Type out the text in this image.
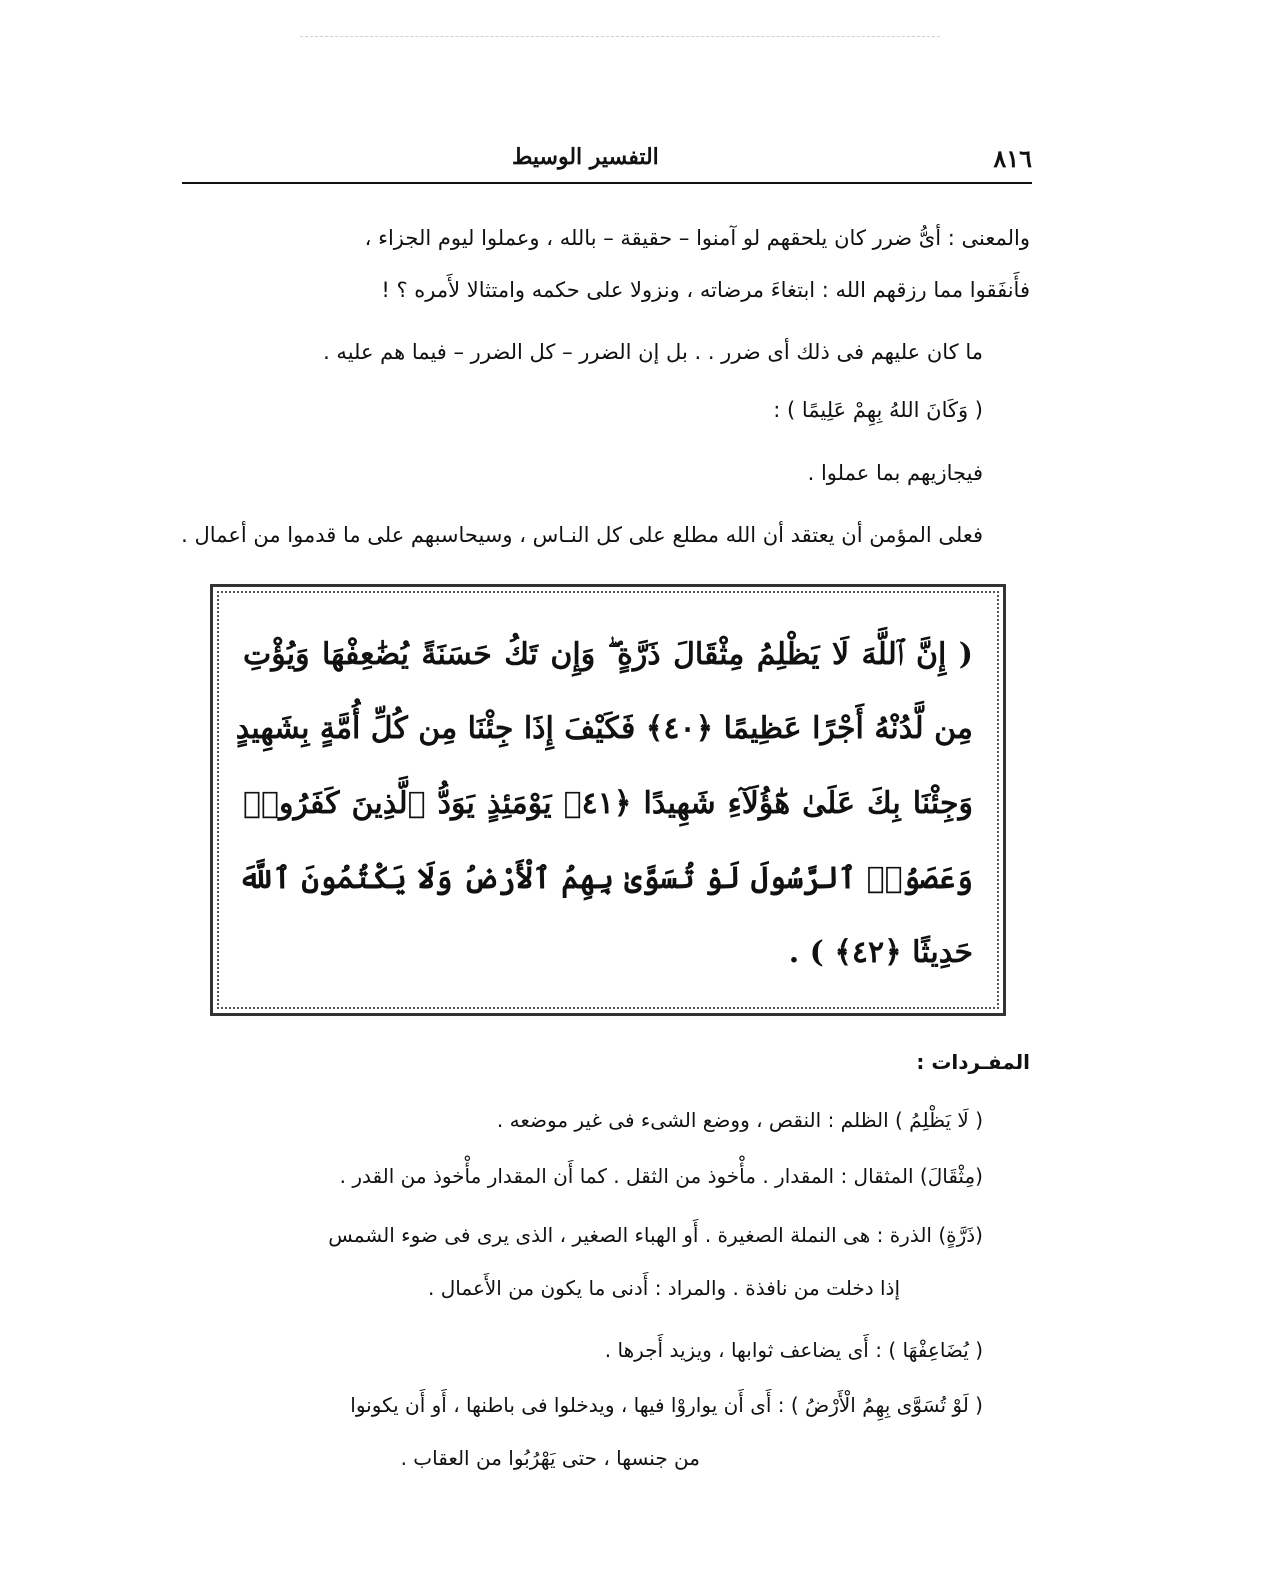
٨١٦
التفسير الوسيط
والمعنى : أىُّ ضرر كان يلحقهم لو آمنوا – حقيقة – بالله ، وعملوا ليوم الجزاء ،
فأَنفَقوا مما رزقهم الله : ابتغاءَ مرضاته ، ونزولا على حكمه وامتثالا لأَمره ؟ !
ما كان عليهم فى ذلك أى ضرر . . بل إن الضرر – كل الضرر – فيما هم عليه .
( وَكَانَ اللهُ بِهِمْ عَلِيمًا ) :
فيجازيهم بما عملوا .
فعلى المؤمن أن يعتقد أن الله مطلع على كل النـاس ، وسيحاسبهم على ما قدموا من أعمال .
( إِنَّ ٱللَّهَ لَا يَظْلِمُ مِثْقَالَ ذَرَّةٍ ۖ وَإِن تَكُ حَسَنَةً يُضَٰعِفْهَا وَيُؤْتِ
مِن لَّدُنْهُ أَجْرًا عَظِيمًا ﴿٤٠﴾ فَكَيْفَ إِذَا جِئْنَا مِن كُلِّ أُمَّةٍ بِشَهِيدٍ
وَجِئْنَا بِكَ عَلَىٰ هَٰٓؤُلَآءِ شَهِيدًا ﴿٤١﴾ يَوْمَئِذٍ يَوَدُّ ٱلَّذِينَ كَفَرُوا۟
وَعَصَوُا۟ ٱلرَّسُولَ لَوْ تُسَوَّىٰ بِهِمُ ٱلْأَرْضُ وَلَا يَكْتُمُونَ ٱللَّهَ
حَدِيثًا ﴿٤٢﴾ ) .
المفـردات :
( لَا يَظْلِمُ ) الظلم : النقص ، ووضع الشىء فى غير موضعه .
(مِثْقَالَ) المثقال : المقدار . مأْخوذ من الثقل . كما أَن المقدار مأْخوذ من القدر .
(ذَرَّةٍ) الذرة : هى النملة الصغيرة . أَو الهباء الصغير ، الذى يرى فى ضوء الشمس
إذا دخلت من نافذة . والمراد : أَدنى ما يكون من الأَعمال .
( يُضَاعِفْهَا ) : أَى يضاعف ثوابها ، ويزيد أَجرها .
( لَوْ تُسَوَّى بِهِمُ الْأَرْضُ ) : أَى أَن يواروْا فيها ، ويدخلوا فى باطنها ، أَو أَن يكونوا
من جنسها ، حتى يَهْرُبُوا من العقاب .
